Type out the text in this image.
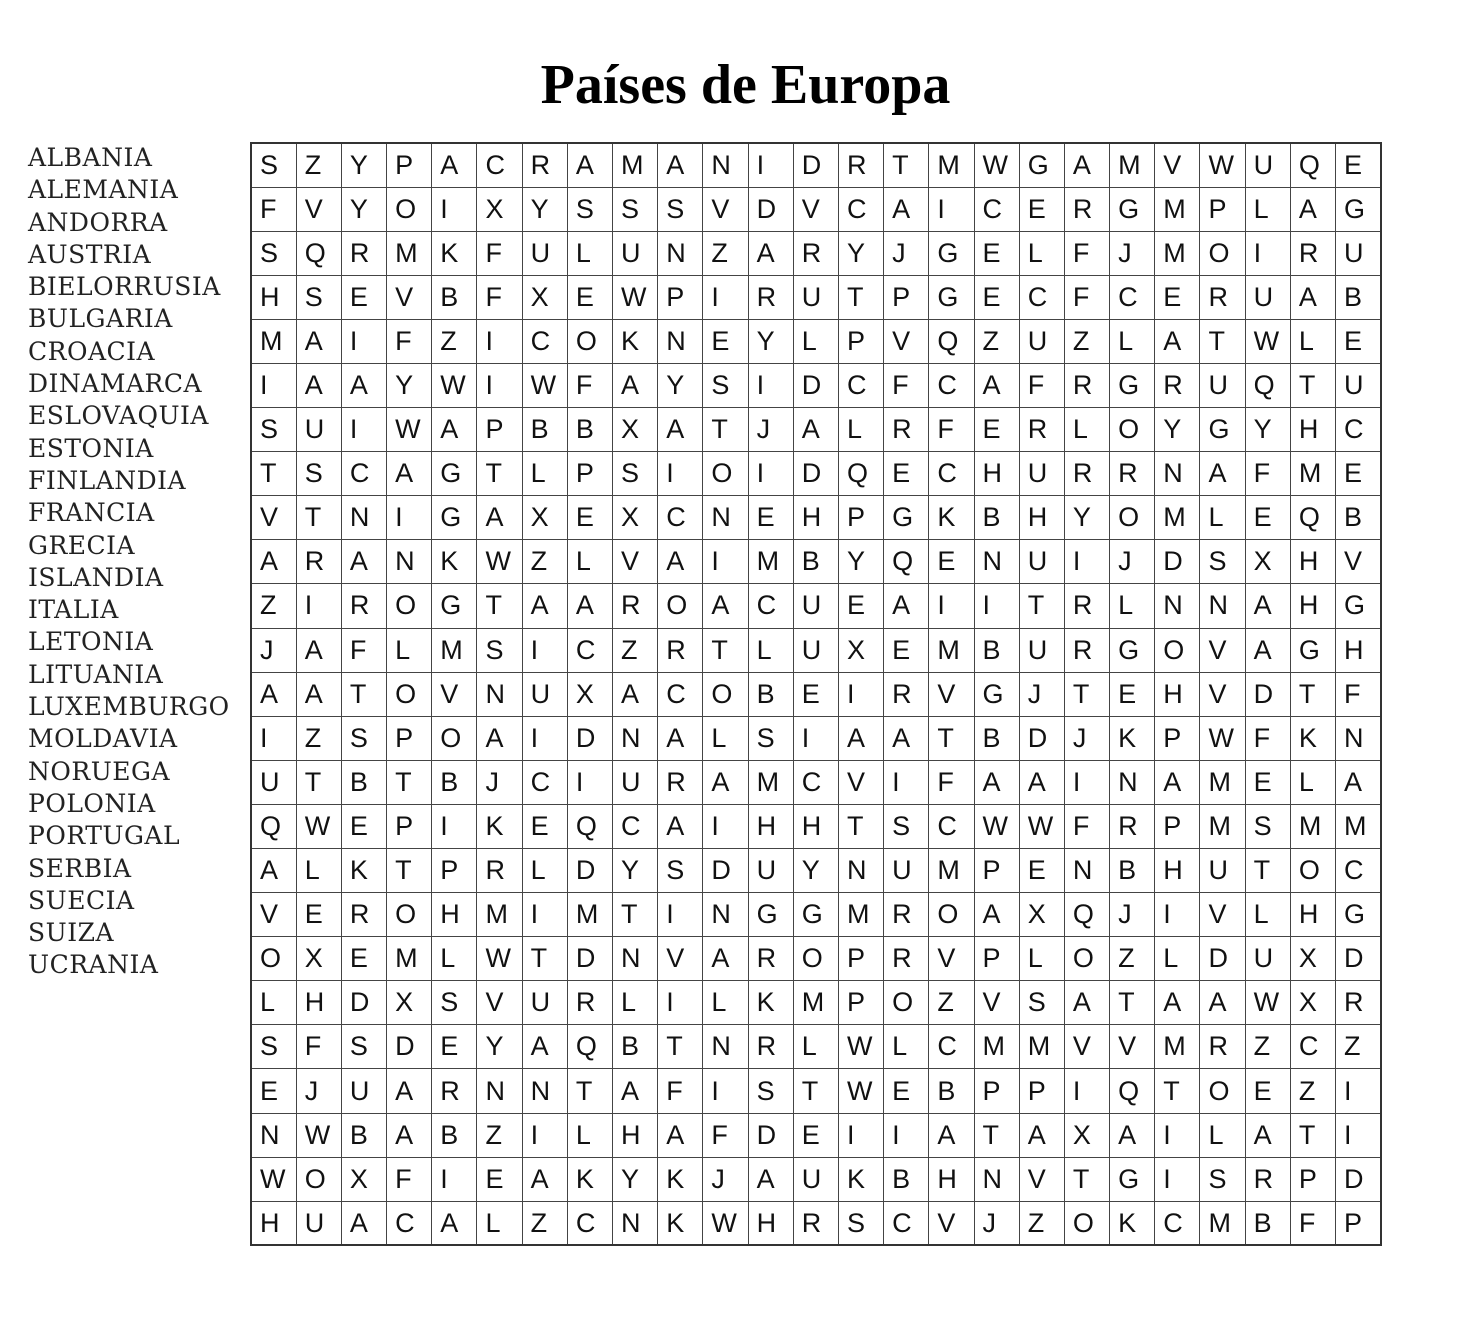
Países de Europa
ALBANIA
ALEMANIA
ANDORRA
AUSTRIA
BIELORRUSIA
BULGARIA
CROACIA
DINAMARCA
ESLOVAQUIA
ESTONIA
FINLANDIA
FRANCIA
GRECIA
ISLANDIA
ITALIA
LETONIA
LITUANIA
LUXEMBURGO
MOLDAVIA
NORUEGA
POLONIA
PORTUGAL
SERBIA
SUECIA
SUIZA
UCRANIA
S	Z	Y	P	A	C	R	A	M	A	N	I	D	R	T	M	W	G	A	M	V	W	U	Q	E
F	V	Y	O	I	X	Y	S	S	S	V	D	V	C	A	I	C	E	R	G	M	P	L	A	G
S	Q	R	M	K	F	U	L	U	N	Z	A	R	Y	J	G	E	L	F	J	M	O	I	R	U
H	S	E	V	B	F	X	E	W	P	I	R	U	T	P	G	E	C	F	C	E	R	U	A	B
M	A	I	F	Z	I	C	O	K	N	E	Y	L	P	V	Q	Z	U	Z	L	A	T	W	L	E
I	A	A	Y	W	I	W	F	A	Y	S	I	D	C	F	C	A	F	R	G	R	U	Q	T	U
S	U	I	W	A	P	B	B	X	A	T	J	A	L	R	F	E	R	L	O	Y	G	Y	H	C
T	S	C	A	G	T	L	P	S	I	O	I	D	Q	E	C	H	U	R	R	N	A	F	M	E
V	T	N	I	G	A	X	E	X	C	N	E	H	P	G	K	B	H	Y	O	M	L	E	Q	B
A	R	A	N	K	W	Z	L	V	A	I	M	B	Y	Q	E	N	U	I	J	D	S	X	H	V
Z	I	R	O	G	T	A	A	R	O	A	C	U	E	A	I	I	T	R	L	N	N	A	H	G
J	A	F	L	M	S	I	C	Z	R	T	L	U	X	E	M	B	U	R	G	O	V	A	G	H
A	A	T	O	V	N	U	X	A	C	O	B	E	I	R	V	G	J	T	E	H	V	D	T	F
I	Z	S	P	O	A	I	D	N	A	L	S	I	A	A	T	B	D	J	K	P	W	F	K	N
U	T	B	T	B	J	C	I	U	R	A	M	C	V	I	F	A	A	I	N	A	M	E	L	A
Q	W	E	P	I	K	E	Q	C	A	I	H	H	T	S	C	W	W	F	R	P	M	S	M	M
A	L	K	T	P	R	L	D	Y	S	D	U	Y	N	U	M	P	E	N	B	H	U	T	O	C
V	E	R	O	H	M	I	M	T	I	N	G	G	M	R	O	A	X	Q	J	I	V	L	H	G
O	X	E	M	L	W	T	D	N	V	A	R	O	P	R	V	P	L	O	Z	L	D	U	X	D
L	H	D	X	S	V	U	R	L	I	L	K	M	P	O	Z	V	S	A	T	A	A	W	X	R
S	F	S	D	E	Y	A	Q	B	T	N	R	L	W	L	C	M	M	V	V	M	R	Z	C	Z
E	J	U	A	R	N	N	T	A	F	I	S	T	W	E	B	P	P	I	Q	T	O	E	Z	I
N	W	B	A	B	Z	I	L	H	A	F	D	E	I	I	A	T	A	X	A	I	L	A	T	I
W	O	X	F	I	E	A	K	Y	K	J	A	U	K	B	H	N	V	T	G	I	S	R	P	D
H	U	A	C	A	L	Z	C	N	K	W	H	R	S	C	V	J	Z	O	K	C	M	B	F	P
